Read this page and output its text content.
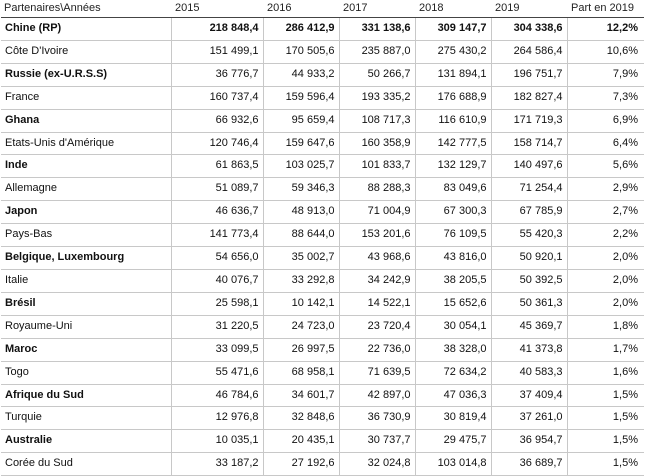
Partenaires\Années	2015	2016	2017	2018	2019	Part en 2019
Chine (RP)	218 848,4	286 412,9	331 138,6	309 147,7	304 338,6	12,2%
Côte D'Ivoire	151 499,1	170 505,6	235 887,0	275 430,2	264 586,4	10,6%
Russie (ex-U.R.S.S)	36 776,7	44 933,2	50 266,7	131 894,1	196 751,7	7,9%
France	160 737,4	159 596,4	193 335,2	176 688,9	182 827,4	7,3%
Ghana	66 932,6	95 659,4	108 717,3	116 610,9	171 719,3	6,9%
Etats-Unis d'Amérique	120 746,4	159 647,6	160 358,9	142 777,5	158 714,7	6,4%
Inde	61 863,5	103 025,7	101 833,7	132 129,7	140 497,6	5,6%
Allemagne	51 089,7	59 346,3	88 288,3	83 049,6	71 254,4	2,9%
Japon	46 636,7	48 913,0	71 004,9	67 300,3	67 785,9	2,7%
Pays-Bas	141 773,4	88 644,0	153 201,6	76 109,5	55 420,3	2,2%
Belgique, Luxembourg	54 656,0	35 002,7	43 968,6	43 816,0	50 920,1	2,0%
Italie	40 076,7	33 292,8	34 242,9	38 205,5	50 392,5	2,0%
Brésil	25 598,1	10 142,1	14 522,1	15 652,6	50 361,3	2,0%
Royaume-Uni	31 220,5	24 723,0	23 720,4	30 054,1	45 369,7	1,8%
Maroc	33 099,5	26 997,5	22 736,0	38 328,0	41 373,8	1,7%
Togo	55 471,6	68 958,1	71 639,5	72 634,2	40 583,3	1,6%
Afrique du Sud	46 784,6	34 601,7	42 897,0	47 036,3	37 409,4	1,5%
Turquie	12 976,8	32 848,6	36 730,9	30 819,4	37 261,0	1,5%
Australie	10 035,1	20 435,1	30 737,7	29 475,7	36 954,7	1,5%
Corée du Sud	33 187,2	27 192,6	32 024,8	103 014,8	36 689,7	1,5%
